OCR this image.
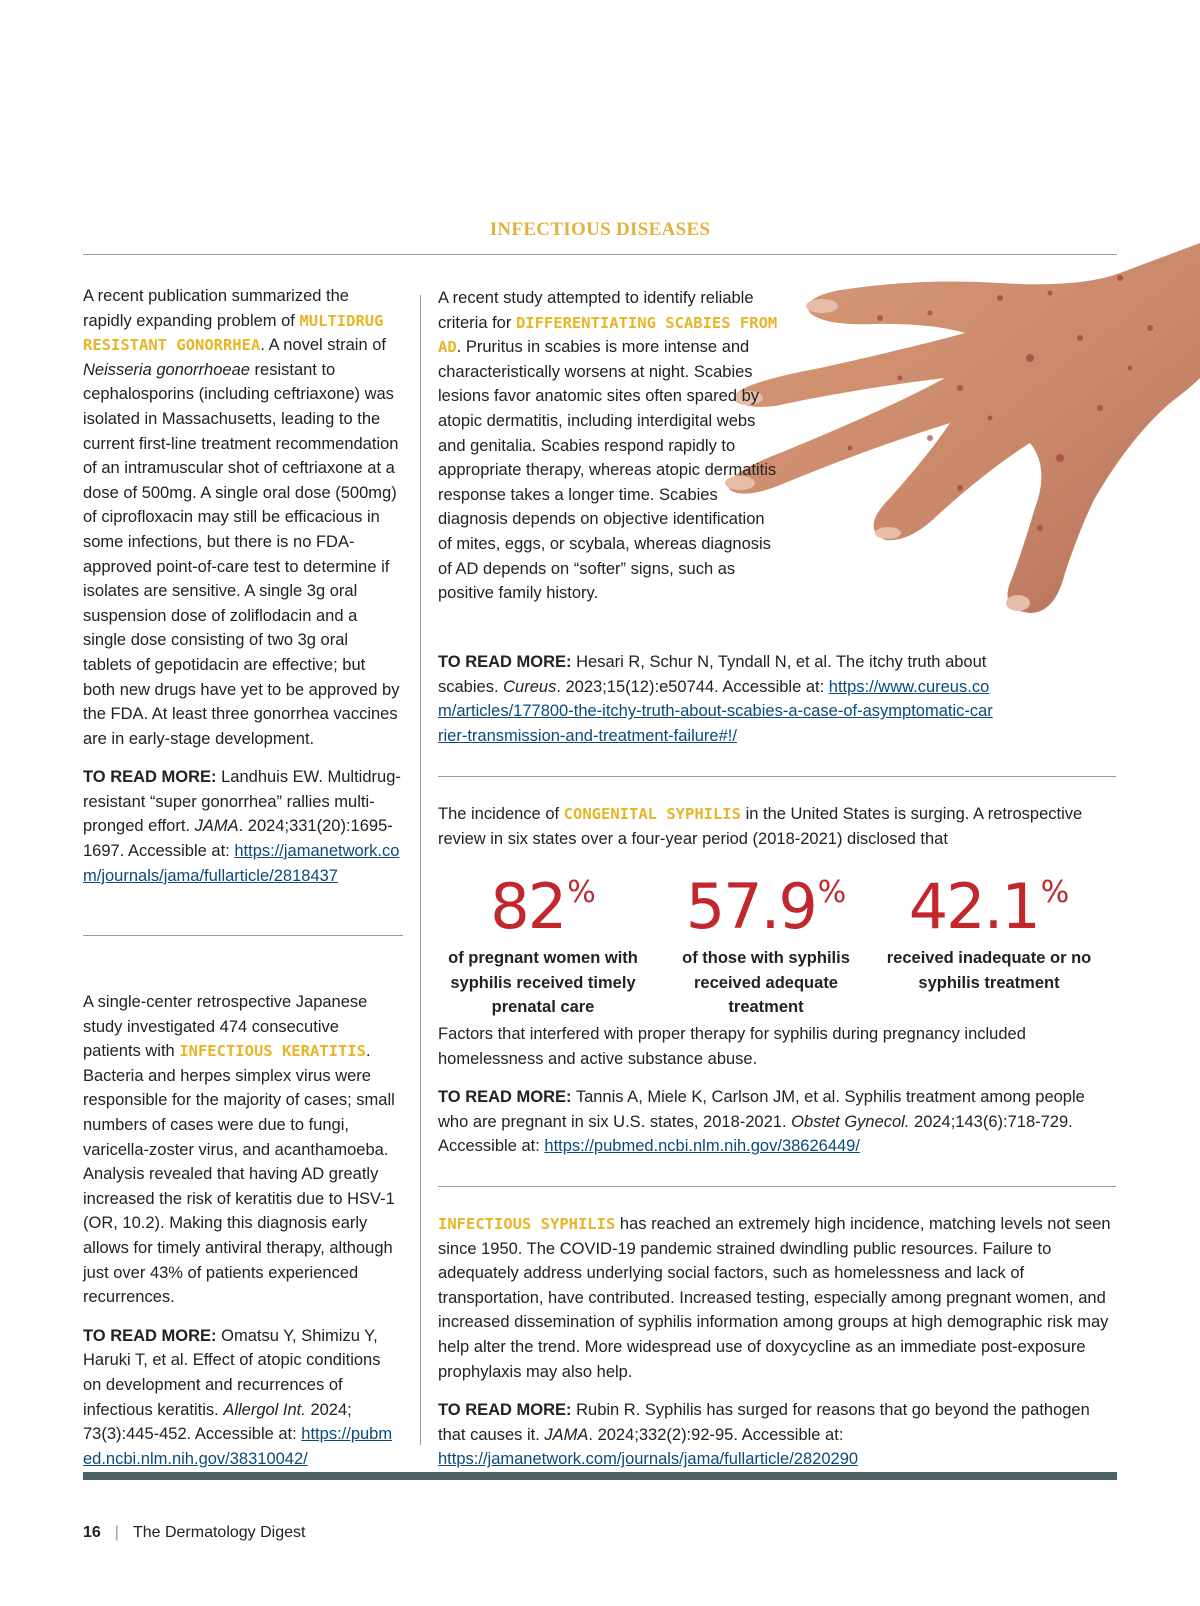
INFECTIOUS DISEASES

A recent publication summarized the rapidly expanding problem of MULTIDRUG RESISTANT GONORRHEA. A novel strain of Neisseria gonorrhoeae resistant to cephalosporins (including ceftriaxone) was isolated in Massachusetts, leading to the current first-line treatment recommendation of an intramuscular shot of ceftriaxone at a dose of 500mg. A single oral dose (500mg) of ciprofloxacin may still be efficacious in some infections, but there is no FDA-approved point-of-care test to determine if isolates are sensitive. A single 3g oral suspension dose of zoliflodacin and a single dose consisting of two 3g oral tablets of gepotidacin are effective; but both new drugs have yet to be approved by the FDA. At least three gonorrhea vaccines are in early-stage development.

TO READ MORE: Landhuis EW. Multidrug-resistant “super gonorrhea” rallies multi-pronged effort. JAMA. 2024;331(20):1695-1697. Accessible at: https://jamanetwork.com/journals/jama/fullarticle/2818437

A single-center retrospective Japanese study investigated 474 consecutive patients with INFECTIOUS KERATITIS. Bacteria and herpes simplex virus were responsible for the majority of cases; small numbers of cases were due to fungi, varicella-zoster virus, and acanthamoeba. Analysis revealed that having AD greatly increased the risk of keratitis due to HSV-1 (OR, 10.2). Making this diagnosis early allows for timely antiviral therapy, although just over 43% of patients experienced recurrences.

TO READ MORE: Omatsu Y, Shimizu Y, Haruki T, et al. Effect of atopic conditions on development and recurrences of infectious keratitis. Allergol Int. 2024; 73(3):445-452. Accessible at: https://pubmed.ncbi.nlm.nih.gov/38310042/

A recent study attempted to identify reliable criteria for DIFFERENTIATING SCABIES FROM AD. Pruritus in scabies is more intense and characteristically worsens at night. Scabies lesions favor anatomic sites often spared by atopic dermatitis, including interdigital webs and genitalia. Scabies respond rapidly to appropriate therapy, whereas atopic dermatitis response takes a longer time. Scabies diagnosis depends on objective identification of mites, eggs, or scybala, whereas diagnosis of AD depends on “softer” signs, such as positive family history.

TO READ MORE: Hesari R, Schur N, Tyndall N, et al. The itchy truth about scabies. Cureus. 2023;15(12):e50744. Accessible at: https://www.cureus.com/articles/177800-the-itchy-truth-about-scabies-a-case-of-asymptomatic-carrier-transmission-and-treatment-failure#!/

The incidence of CONGENITAL SYPHILIS in the United States is surging. A retrospective review in six states over a four-year period (2018-2021) disclosed that

82%
of pregnant women with syphilis received timely prenatal care
57.9%
of those with syphilis received adequate treatment
42.1%
received inadequate or no syphilis treatment

Factors that interfered with proper therapy for syphilis during pregnancy included homelessness and active substance abuse.

TO READ MORE: Tannis A, Miele K, Carlson JM, et al. Syphilis treatment among people who are pregnant in six U.S. states, 2018-2021. Obstet Gynecol. 2024;143(6):718-729. Accessible at: https://pubmed.ncbi.nlm.nih.gov/38626449/

INFECTIOUS SYPHILIS has reached an extremely high incidence, matching levels not seen since 1950. The COVID-19 pandemic strained dwindling public resources. Failure to adequately address underlying social factors, such as homelessness and lack of transportation, have contributed. Increased testing, especially among pregnant women, and increased dissemination of syphilis information among groups at high demographic risk may help alter the trend. More widespread use of doxycycline as an immediate post-exposure prophylaxis may also help.

TO READ MORE: Rubin R. Syphilis has surged for reasons that go beyond the pathogen that causes it. JAMA. 2024;332(2):92-95. Accessible at: https://jamanetwork.com/journals/jama/fullarticle/2820290

16 | The Dermatology Digest
